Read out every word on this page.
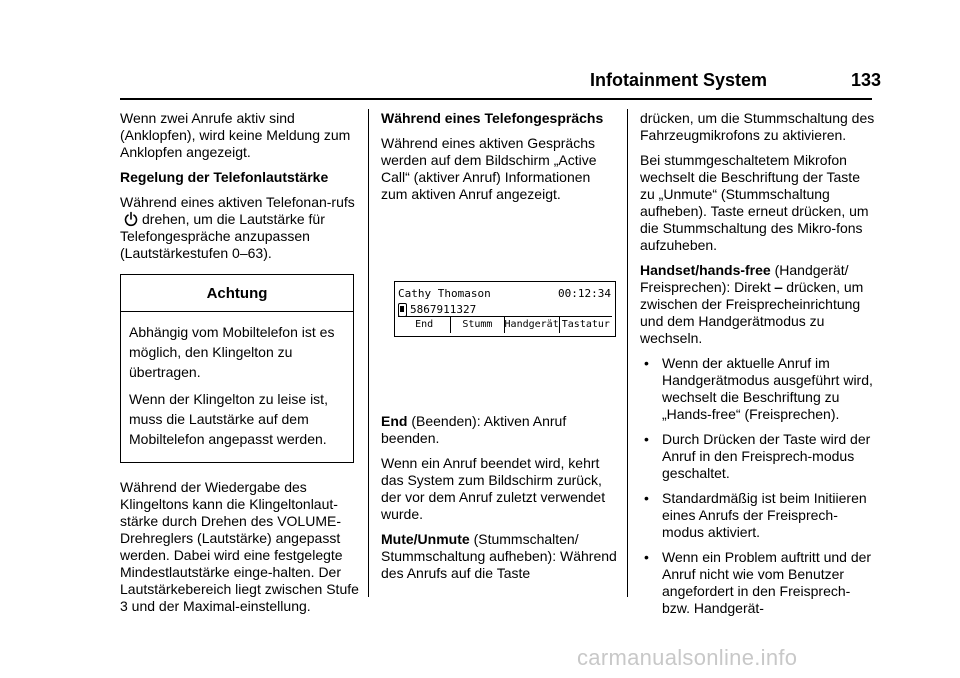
Infotainment System	133

Wenn zwei Anrufe aktiv sind (Anklopfen), wird keine Meldung zum Anklopfen angezeigt.

Regelung der Telefonlautstärke

Während eines aktiven Telefonan-rufsdrehen, um die Lautstärke für Telefongespräche anzupassen (Lautstärkestufen 0–63).

Achtung

Abhängig vom Mobiltelefon ist es möglich, den Klingelton zu übertragen.

Wenn der Klingelton zu leise ist, muss die Lautstärke auf dem Mobiltelefon angepasst werden.

Während der Wiedergabe des Klingeltons kann die Klingeltonlaut-stärke durch Drehen des VOLUME-Drehreglers (Lautstärke) angepasst werden. Dabei wird eine festgelegte Mindestlautstärke einge-halten. Der Lautstärkebereich liegt zwischen Stufe 3 und der Maximal-einstellung.

Während eines Telefongesprächs

Während eines aktiven Gesprächs werden auf dem Bildschirm „Active Call“ (aktiver Anruf) Informationen zum aktiven Anruf angezeigt.

Cathy Thomason	00:12:34
5867911327
End	Stumm	Handgerät Tastatur

End (Beenden): Aktiven Anruf beenden.

Wenn ein Anruf beendet wird, kehrt das System zum Bildschirm zurück, der vor dem Anruf zuletzt verwendet wurde.

Mute/Unmute (Stummschalten/ Stummschaltung aufheben): Während des Anrufs auf die Taste

drücken, um die Stummschaltung des Fahrzeugmikrofons zu aktivieren.

Bei stummgeschaltetem Mikrofon wechselt die Beschriftung der Taste zu „Unmute“ (Stummschaltung aufheben). Taste erneut drücken, um die Stummschaltung des Mikro-fons aufzuheben.

Handset/hands-free (Handgerät/ Freisprechen): Direkt ‒ drücken, um zwischen der Freisprecheinrichtung und dem Handgerätmodus zu wechseln.

• Wenn der aktuelle Anruf im Handgerätmodus ausgeführt wird, wechselt die Beschriftung zu „Hands-free“ (Freisprechen).
• Durch Drücken der Taste wird der Anruf in den Freisprech-modus geschaltet.
• Standardmäßig ist beim Initiieren eines Anrufs der Freisprech-modus aktiviert.
• Wenn ein Problem auftritt und der Anruf nicht wie vom Benutzer angefordert in den Freisprech- bzw. Handgerät-
carmanualsonline.info
